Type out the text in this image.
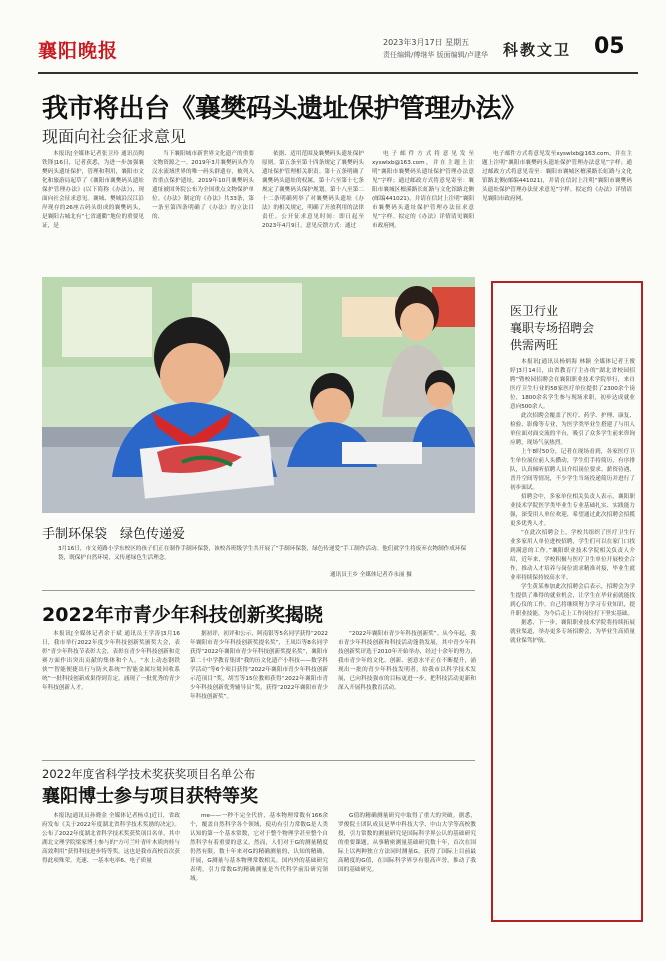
襄阳晚报	2023年3月17日 星期五
责任编辑/傅继华 版面编辑/卢建华 科教文卫 05
我市将出台《襄樊码头遗址保护管理办法》
现面向社会征求意见

本报讯[全媒体记者张卫玲 通讯员陶铁锋]16日，记者获悉，为进一步加强襄樊码头遗址保护，管理和利用，襄阳市文化和旅游局起草了《襄阳市襄樊码头遗址保护管理办法》(以下简称《办法》)，现面向社会征求意见。襄城、樊城沿汉江沿岸现存的26座古码头组成的襄樊码头，是襄阳古城北有“七省通衢”地位的重要见证，是

当下襄阳城市新世界文化遗产的重要文物资源之一。2019年3月襄樊码头作为汉水流域世界的唯一码头群遗存，被列入省重点保护遗址。2019年10月襄樊码头遗址被国务院公布为全国重点文物保护单位。《办法》制定的《办法》共33条，第一条至第四条明确了《办法》的立法目的、

依据、适用范围及襄樊码头遗址保护原则。第五条至第十四条规定了襄樊码头遗址保护管理相关职责。第十五条明确了襄樊码头遗址的权属。第十六至第十七条规定了襄樊码头保护规划。第十八至第二十二条明确列举了对襄樊码头遗址《办法》的相关规定，明确了开放利用的法律责任。公开征求意见时间：即日起至2023年4月9日。意见反馈方式：通过

电子邮件方式将意见发至xyswlxb@163.com，并在主题上注明“襄阳市襄樊码头遗址保护管理办法意见”字样；通过邮政方式将意见寄至：襄阳市襄城区檀溪路长虹路与文化馆路北侧(邮编441021)，并请在信封上注明“襄阳市襄樊码头遗址保护管理办法征求意见”字样。拟定的《办法》详情请见襄阳市政府网。

电子邮件方式将意见发至xyswlxb@163.com，并在主题上注明“襄阳市襄樊码头遗址保护管理办法意见”字样；通过邮政方式将意见寄至：襄阳市襄城区檀溪路长虹路与文化馆路北侧(邮编441021)，并请在信封上注明“襄阳市襄樊码头遗址保护管理办法征求意见”字样。拟定的《办法》详情请见襄阳市政府网。

手制环保袋　绿色传递爱
3月16日，市文苑路小学东校区的孩子们正在制作手制环保袋，该校各班级学生共开展了“手制环保袋，绿色传递爱”手工制作活动。他们就学生将废弃衣物制作成环保袋，既保护自然环境，又传递绿色生活理念。
通讯员王乡 全媒体记者乔永丽 摄
2022年市青少年科技创新奖揭晓

本报讯[全媒体记者余于斌 通讯员王学涛]3月16日，我市举行2022年度少年科技创新奖颁奖大会，表彰“青少年科技节表彰大会，表彰在青少年科技创新和竞赛方面作出突出贡献的集体和个人。“水上动态钢铁侠”“智能便捷出行与防火系统”“智能金属垃圾回收系统”一批科技创新成果得到肯定，涌现了一批优秀的青少年科技创新人才。

据初评，初评和公示，阿南银等5名同学获得“2022年襄阳市青少年科技创新奖提名奖”，王凤臣等8名同学获得“2022年襄阳市青少年科技创新奖提名奖”，襄阳市第二十中学教育集团“我的历文化遗产小科技——数学科学活动”等6个项目获得“2022年襄阳市青少年科技创新示范项目”奖，胡雪等15位教师获得“2022年襄阳市青少年科技创新优秀辅导员”奖，获得“2022年襄阳市青少年科技创新奖”。

“2022年襄阳市青少年科技创新奖”。从今年起，我市青少年科技创新和科技活动蓬勃发展，其中青少年科技创新奖评选于2010年开始举办，经过十余年的努力，我市青少年的文化、创新、创意水平正在不断提升，涌现出一批的青少年科技发明者，给我市以科学技术发展，已向科技强市的目标更进一步，把科技活动更新和深入开展科技教育活动。

2022年度省科学技术奖获奖项目名单公布
襄阳博士参与项目获特等奖

本报讯[通讯员孙晓金 全媒体记者杨卓]近日，省政府发布《关于2022年度湖北省科学技术奖励的决定》。公布了2022年度湖北省科学技术奖获奖项目名单，其中湖北文理学院梁家博士参与的“方可兰叶青叶木质肉桂与高效利用”获得科技进步特等奖。这也是我市高校首次获得此项殊荣。光速、一基本电率6、电子质量

me——一秒不完全代价，基本物理常数有166余个，覆盖自然科学各个领域，使功有引力常数G是人类认知的第一个基本常数，它对于整个物理学甚至整个自然科学有着重要的意义。然而，人们对于G的测量精度仍然有限，数十年来对G的精确测量的，认知的精确，开展，G测量与基本物理常数相关。国内外的基础研究表明，引力常数G的精确测量是当代科学前沿研究领域。

G值的精确测量研究中取得了重大的突破。据悉，罗俊院士团队成员是华中科技大学、中山大学等高校教授，引力常数的测量研究是国际科学界公认的基础研究的重要课题。从事精密测量基础研究数十年，首次在国际上以两种独立方法同时测量G，获得了国际上目前最高精度的G值，在国际科学界享有很高声誉，推动了我国的基础研究。

医卫行业
襄职专场招聘会
供需两旺

本报讯[通讯员杨炳海 林颖 全媒体记者王俊婷]3月14日，由省教育厅主办的“湖北省校园招聘”暨校园招聘会在襄阳职业技术学院举行，来自医疗卫生行业的58家医疗单位提供了2300余个岗位，1800余名学生参与现场求职，初步达成就业意向500余人。

此次招聘会覆盖了医疗、药学、护理、康复、检验、影像等专业，为医学类毕业生搭建了与用人单位面对面交流的平台，吸引了众多学生前来咨询应聘，现场气氛热烈。

上午8时50分，记者在现场看到，各家医疗卫生单位展位前人头攒动，学生们手持简历，有序排队，认真倾听招聘人员介绍岗位要求、薪资待遇、晋升空间等情况，不少学生当场投递简历并进行了初步面试。

招聘会中，多家单位相关负责人表示，襄阳职业技术学院医学类毕业生专业基础扎实、实践能力强，深受用人单位欢迎，希望通过此次招聘会招揽更多优秀人才。

“在此次招聘会上，学校共组织了医疗卫生行业多家用人单位进校招聘，学生们可以在家门口找到满意的工作。”襄阳职业技术学院相关负责人介绍，近年来，学校积极与医疗卫生单位开展校企合作，推动人才培养与岗位需求精准对接，毕业生就业率持续保持较高水平。

学生黄某参加此次招聘会后表示，招聘会为学生提供了难得的就业机会，让学生在毕业前就能找到心仪的工作，自己将继续努力学习专业知识，提升职业技能，为今后走上工作岗位打下坚实基础。

据悉，下一步，襄阳职业技术学院将持续拓展就业渠道，举办更多专场招聘会，为毕业生高质量就业保驾护航。
